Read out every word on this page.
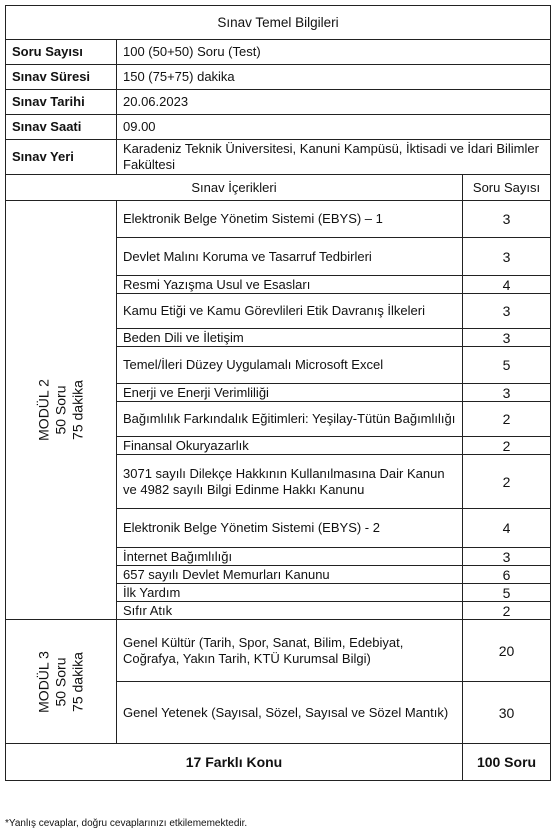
Sınav Temel Bilgileri		
Soru Sayısı	100 (50+50) Soru (Test)	
Sınav Süresi	150 (75+75) dakika	
Sınav Tarihi	20.06.2023	
Sınav Saati	09.00	
Sınav Yeri	Karadeniz Teknik Üniversitesi, Kanuni Kampüsü, İktisadi ve İdari Bilimler Fakültesi	
Sınav İçerikleri		Soru Sayısı

MODÜL 2 50 Soru 75 dakika	Elektronik Belge Yönetim Sistemi (EBYS) – 1	3
	Devlet Malını Koruma ve Tasarruf Tedbirleri	3
	Resmi Yazışma Usul ve Esasları	4
	Kamu Etiği ve Kamu Görevlileri Etik Davranış İlkeleri	3
	Beden Dili ve İletişim	3
	Temel/İleri Düzey Uygulamalı Microsoft Excel	5
	Enerji ve Enerji Verimliliği	3
	Bağımlılık Farkındalık Eğitimleri: Yeşilay-Tütün Bağımlılığı	2
	Finansal Okuryazarlık	2
	3071 sayılı Dilekçe Hakkının Kullanılmasına Dair Kanun ve 4982 sayılı Bilgi Edinme Hakkı Kanunu	2
	Elektronik Belge Yönetim Sistemi (EBYS) - 2	4
	İnternet Bağımlılığı	3
	657 sayılı Devlet Memurları Kanunu	6
	İlk Yardım	5
	Sıfır Atık	2

MODÜL 3 50 Soru 75 dakika	Genel Kültür (Tarih, Spor, Sanat, Bilim, Edebiyat, Coğrafya, Yakın Tarih, KTÜ Kurumsal Bilgi)	20
	Genel Yetenek (Sayısal, Sözel, Sayısal ve Sözel Mantık)	30
17 Farklı Konu		100 Soru
*Yanlış cevaplar, doğru cevaplarınızı etkilememektedir.
